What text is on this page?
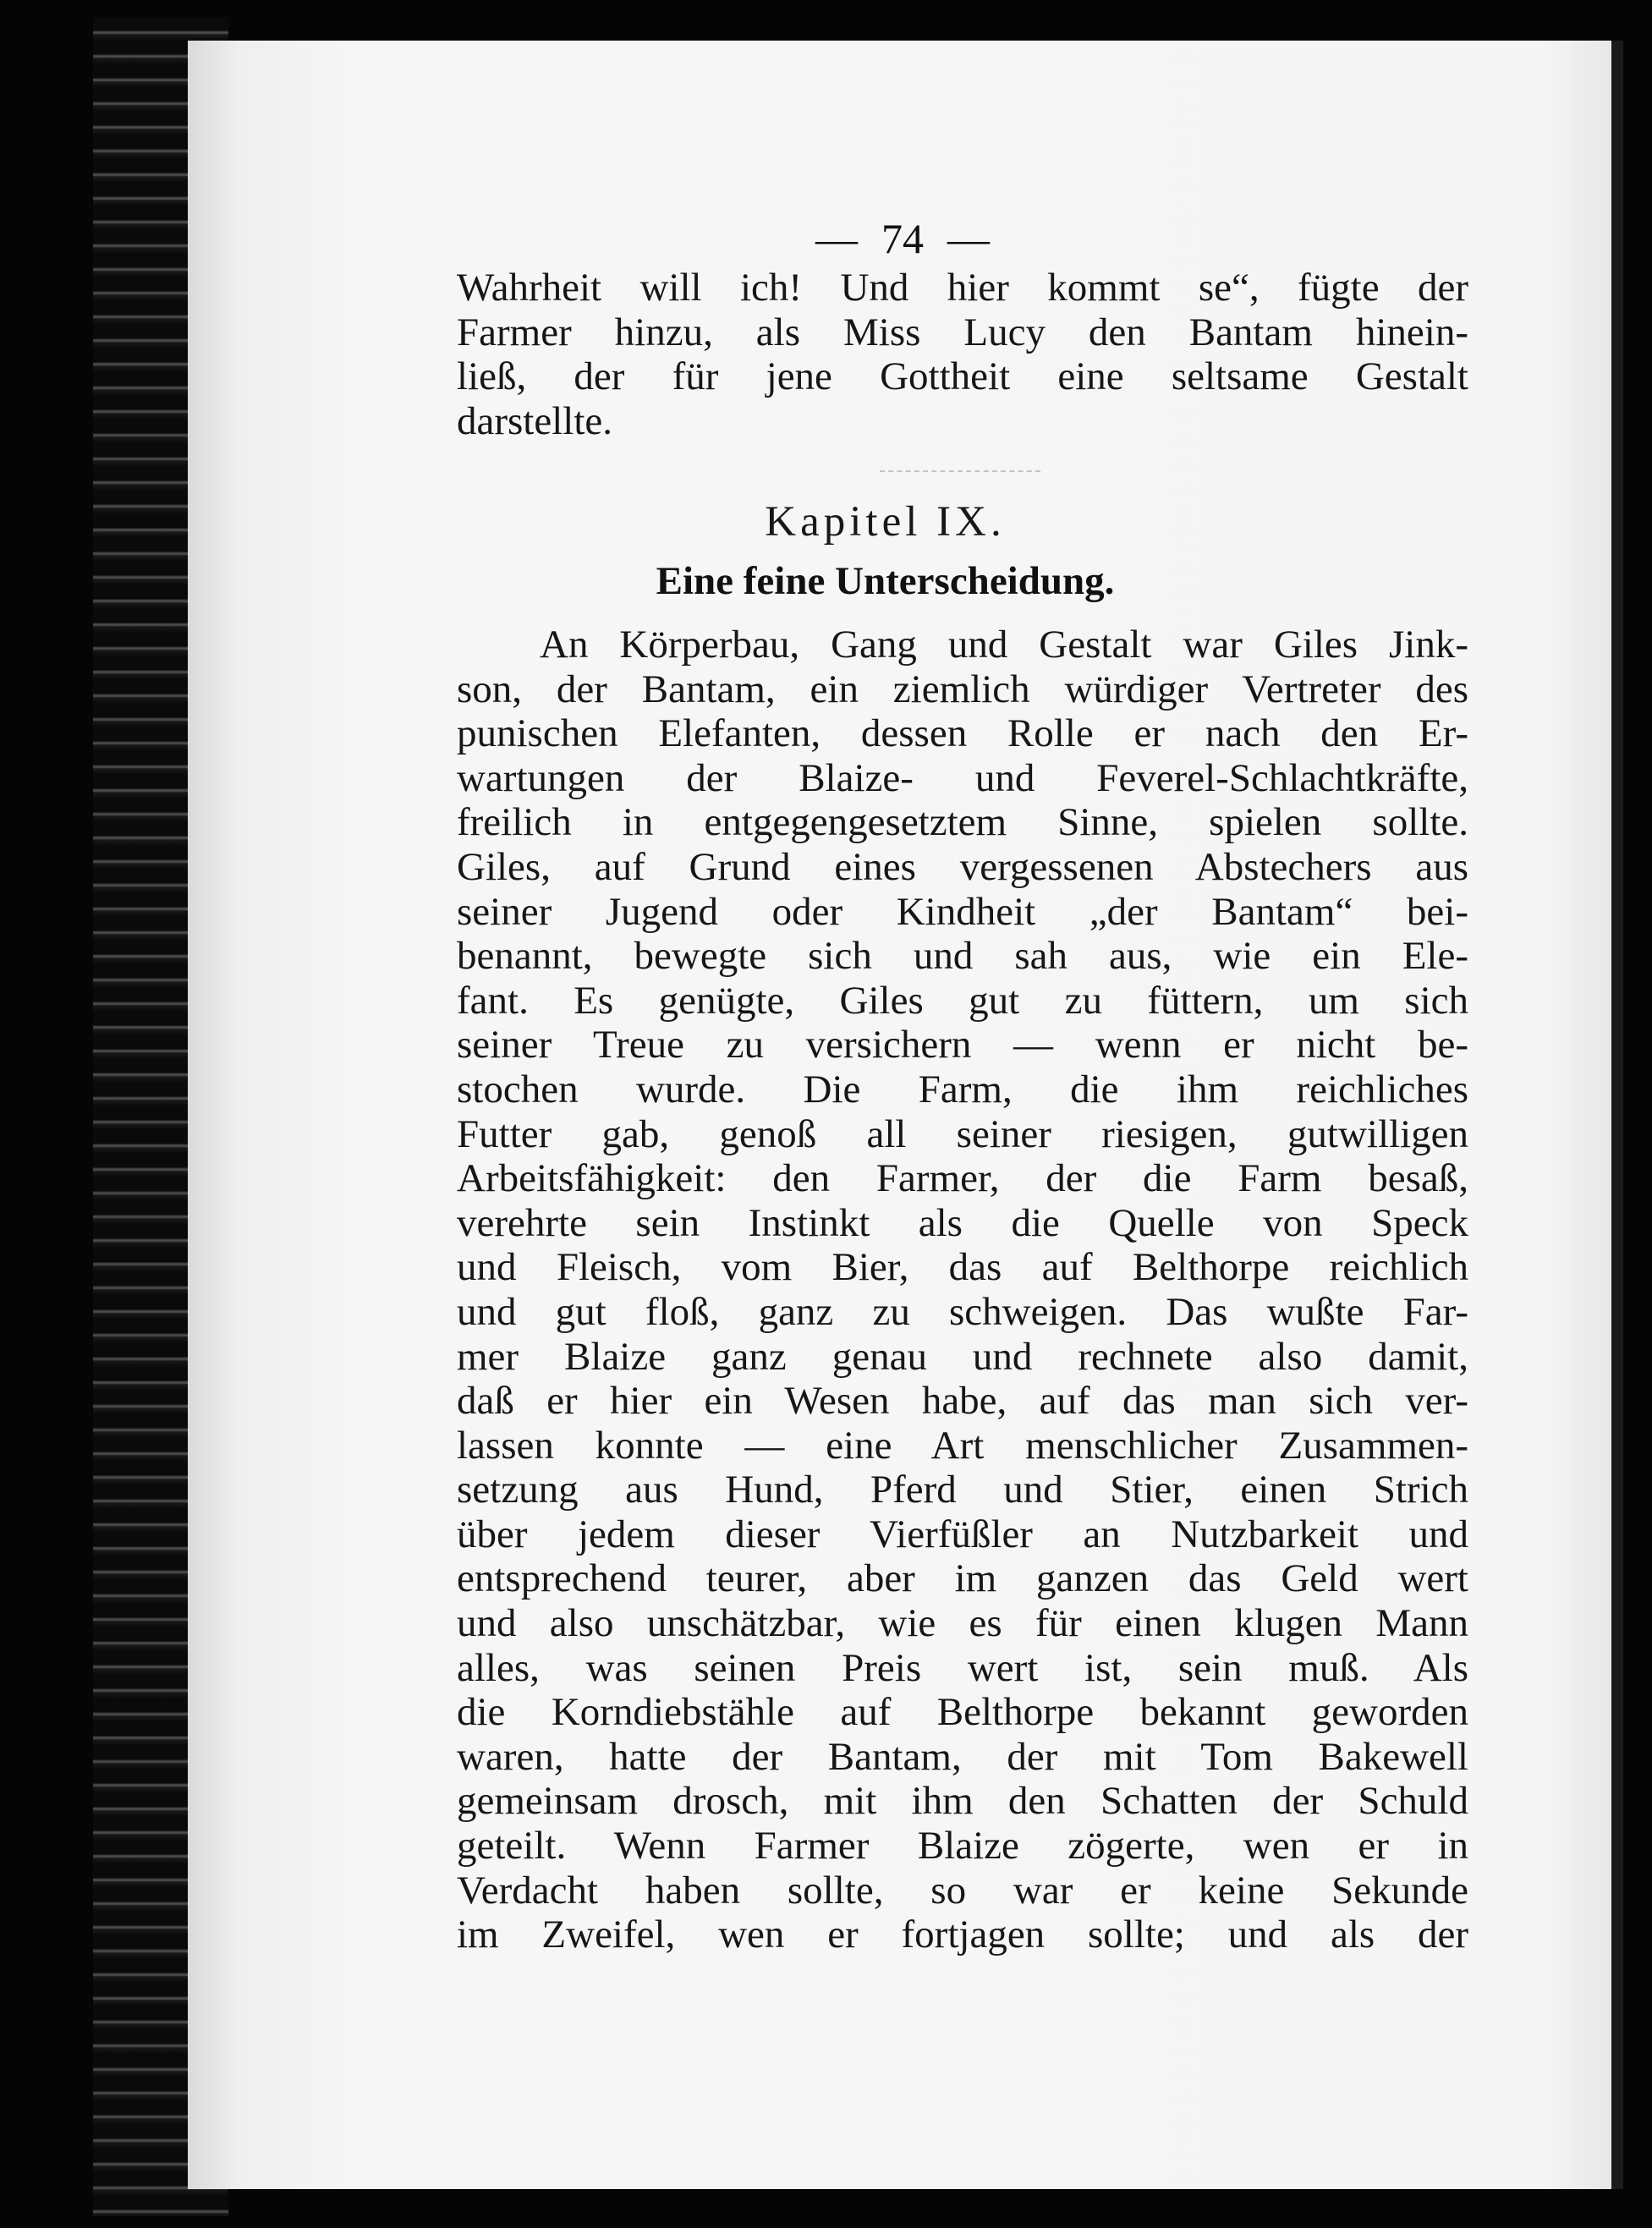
— 74 —
Wahrheit will ich! Und hier kommt se“, fügte der
Farmer hinzu, als Miss Lucy den Bantam hinein-
ließ, der für jene Gottheit eine seltsame Gestalt
darstellte.
Kapitel IX.
Eine feine Unterscheidung.
An Körperbau, Gang und Gestalt war Giles Jink-
son, der Bantam, ein ziemlich würdiger Vertreter des
punischen Elefanten, dessen Rolle er nach den Er-
wartungen der Blaize- und Feverel-Schlachtkräfte,
freilich in entgegengesetztem Sinne, spielen sollte.
Giles, auf Grund eines vergessenen Abstechers aus
seiner Jugend oder Kindheit „der Bantam“ bei-
benannt, bewegte sich und sah aus, wie ein Ele-
fant. Es genügte, Giles gut zu füttern, um sich
seiner Treue zu versichern — wenn er nicht be-
stochen wurde. Die Farm, die ihm reichliches
Futter gab, genoß all seiner riesigen, gutwilligen
Arbeitsfähigkeit: den Farmer, der die Farm besaß,
verehrte sein Instinkt als die Quelle von Speck
und Fleisch, vom Bier, das auf Belthorpe reichlich
und gut floß, ganz zu schweigen. Das wußte Far-
mer Blaize ganz genau und rechnete also damit,
daß er hier ein Wesen habe, auf das man sich ver-
lassen konnte — eine Art menschlicher Zusammen-
setzung aus Hund, Pferd und Stier, einen Strich
über jedem dieser Vierfüßler an Nutzbarkeit und
entsprechend teurer, aber im ganzen das Geld wert
und also unschätzbar, wie es für einen klugen Mann
alles, was seinen Preis wert ist, sein muß. Als
die Korndiebstähle auf Belthorpe bekannt geworden
waren, hatte der Bantam, der mit Tom Bakewell
gemeinsam drosch, mit ihm den Schatten der Schuld
geteilt. Wenn Farmer Blaize zögerte, wen er in
Verdacht haben sollte, so war er keine Sekunde
im Zweifel, wen er fortjagen sollte; und als der
